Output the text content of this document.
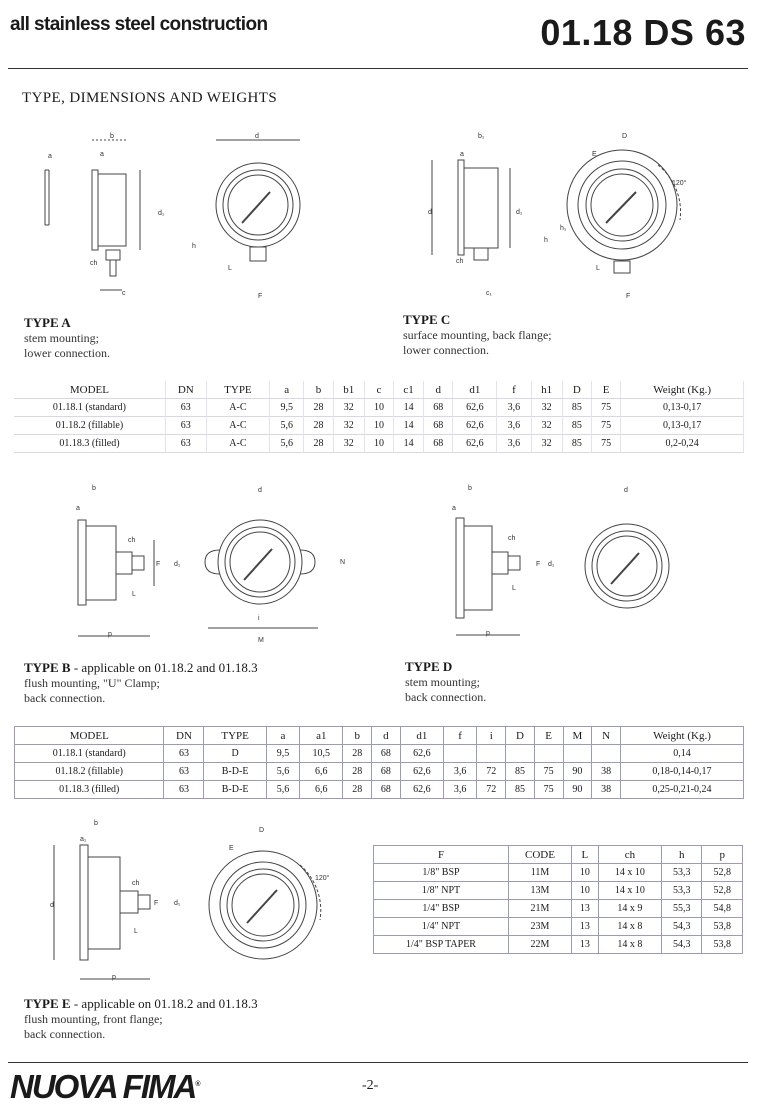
all stainless steel construction	01.18 DS 63
TYPE, DIMENSIONS AND WEIGHTS
a
b
a
d₁
ch
c
d
h
L
F
b₁
a
d	d₁
ch
c₁
D
E
120°
h
h₁
L
F
TYPE A
stem mounting;
lower connection.
TYPE C
surface mounting, back flange;
lower connection.
MODEL	DN	TYPE	a	b	b1	c	c1	d	d1	f	h1	D	E	Weight (Kg.)
01.18.1 (standard)	63	A-C	9,5	28	32	10	14	68	62,6	3,6	32	85	75	0,13-0,17
01.18.2 (fillable)	63	A-C	5,6	28	32	10	14	68	62,6	3,6	32	85	75	0,13-0,17
01.18.3 (filled)	63	A-C	5,6	28	32	10	14	68	62,6	3,6	32	85	75	0,2-0,24
b
a
ch
F d₁
L
p
d
N
i
M
b
a
ch
F d₁
L
p
d
TYPE B - applicable on 01.18.2 and 01.18.3
flush mounting, "U" Clamp;
back connection.
TYPE D
stem mounting;
back connection.
MODEL	DN	TYPE	a	a1	b	d	d1	f	i	D	E	M	N	Weight (Kg.)
01.18.1 (standard)	63	D	9,5	10,5	28	68	62,6							0,14
01.18.2 (fillable)	63	B-D-E	5,6	6,6	28	68	62,6	3,6	72	85	75	90	38	0,18-0,14-0,17
01.18.3 (filled)	63	B-D-E	5,6	6,6	28	68	62,6	3,6	72	85	75	90	38	0,25-0,21-0,24
b
a₁
d
ch
F d₁
L
p
D
E
120°
F	CODE	L	ch	h	p
1/8" BSP	11M	10	14 x 10	53,3	52,8
1/8" NPT	13M	10	14 x 10	53,3	52,8
1/4" BSP	21M	13	14 x 9	55,3	54,8
1/4" NPT	23M	13	14 x 8	54,3	53,8
1/4" BSP TAPER	22M	13	14 x 8	54,3	53,8
TYPE E - applicable on 01.18.2 and 01.18.3
flush mounting, front flange;
back connection.
NUOVA FIMA®	-2-
